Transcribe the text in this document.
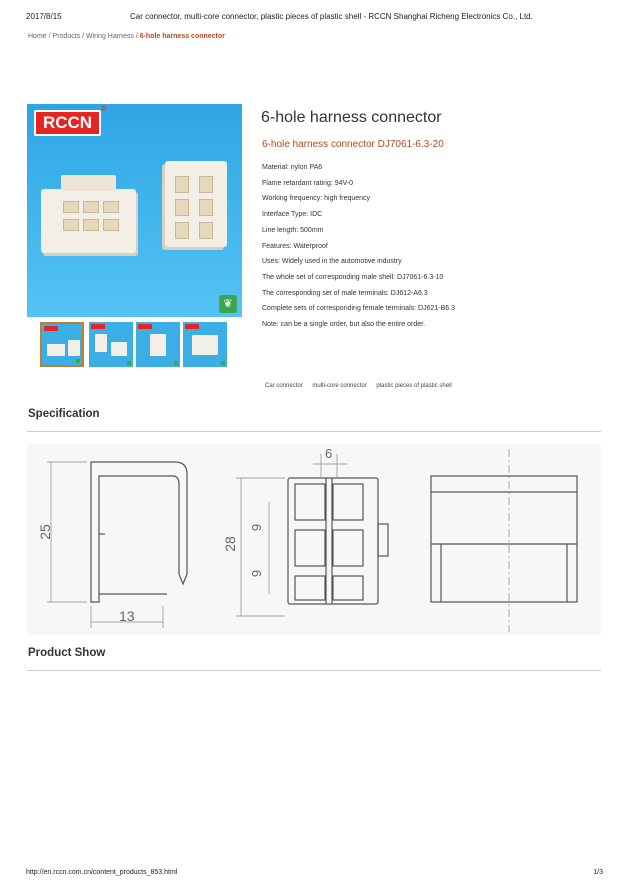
2017/8/15	Car connector, multi-core connector, plastic pieces of plastic shell - RCCN Shanghai Richeng Electronics Co., Ltd.
Home / Products / Wiring Harness / 6-hole harness connector
RCCN
®
❦
6-hole harness connector
6-hole harness connector DJ7061-6.3-20
Material: nylon PA6
Flame retardant rating: 94V-0
Working frequency: high frequency
Interface Type: IDC
Line length: 500mm
Features: Waterproof
Uses: Widely used in the automotive industry
The whole set of corresponding male shell: DJ7061-6.3-10
The corresponding set of male terminals: DJ612-A6.3
Complete sets of corresponding female terminals: DJ621-B6.3
Note: can be a single order, but also the entire order.
Car connector multi-core connector plastic pieces of plastic shell
Specification
25
13
6
28
9
9
Product Show
http://en.rccn.com.cn/content_products_853.html	1/3
